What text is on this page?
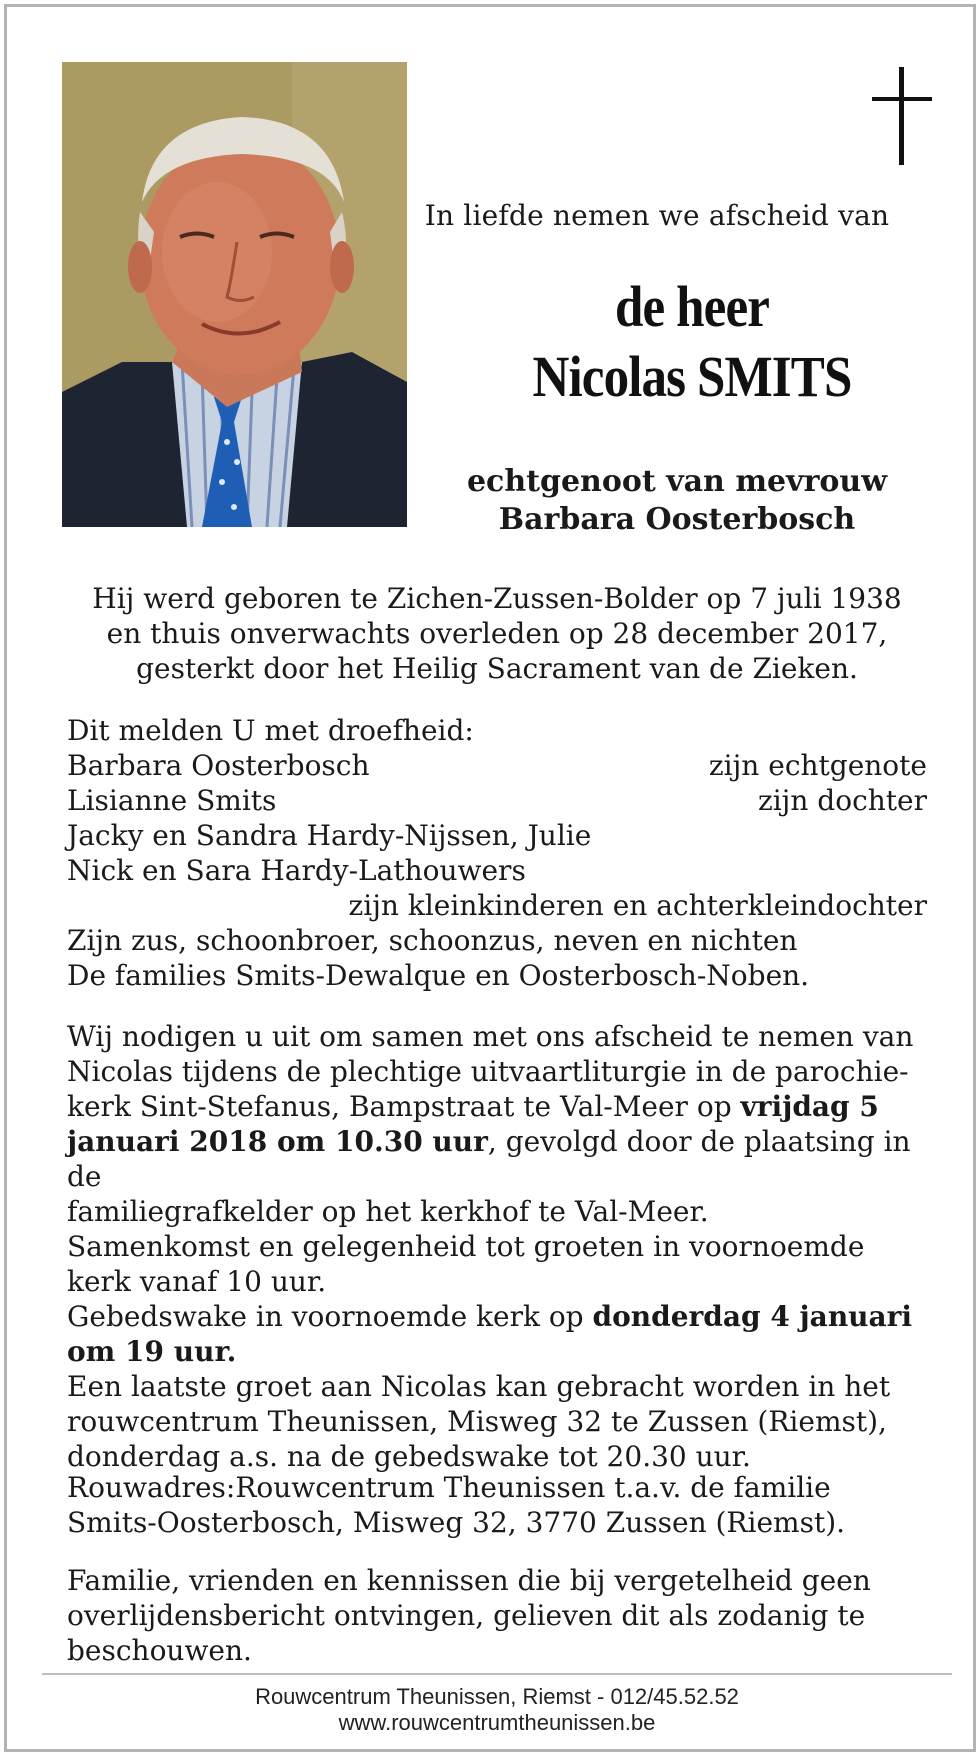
In liefde nemen we afscheid van
de heer
Nicolas SMITS
echtgenoot van mevrouw
Barbara Oosterbosch
Hij werd geboren te Zichen-Zussen-Bolder op 7 juli 1938
en thuis onverwachts overleden op 28 december 2017,
gesterkt door het Heilig Sacrament van de Zieken.
Dit melden U met droefheid:
Barbara Oosterbosch	zijn echtgenote
Lisianne Smits	zijn dochter
Jacky en Sandra Hardy-Nijssen, Julie
Nick en Sara Hardy-Lathouwers
zijn kleinkinderen en achterkleindochter
Zijn zus, schoonbroer, schoonzus, neven en nichten
De families Smits-Dewalque en Oosterbosch-Noben.
Wij nodigen u uit om samen met ons afscheid te nemen van
Nicolas tijdens de plechtige uitvaartliturgie in de parochie-
kerk Sint-Stefanus, Bampstraat te Val-Meer op vrijdag 5
januari 2018 om 10.30 uur, gevolgd door de plaatsing in de
familiegrafkelder op het kerkhof te Val-Meer.
Samenkomst en gelegenheid tot groeten in voornoemde
kerk vanaf 10 uur.
Gebedswake in voornoemde kerk op donderdag 4 januari
om 19 uur.
Een laatste groet aan Nicolas kan gebracht worden in het
rouwcentrum Theunissen, Misweg 32 te Zussen (Riemst),
donderdag a.s. na de gebedswake tot 20.30 uur.
Rouwadres:Rouwcentrum Theunissen t.a.v. de familie
Smits-Oosterbosch, Misweg 32, 3770 Zussen (Riemst).
Familie, vrienden en kennissen die bij vergetelheid geen
overlijdensbericht ontvingen, gelieven dit als zodanig te
beschouwen.
Rouwcentrum Theunissen, Riemst - 012/45.52.52
www.rouwcentrumtheunissen.be
